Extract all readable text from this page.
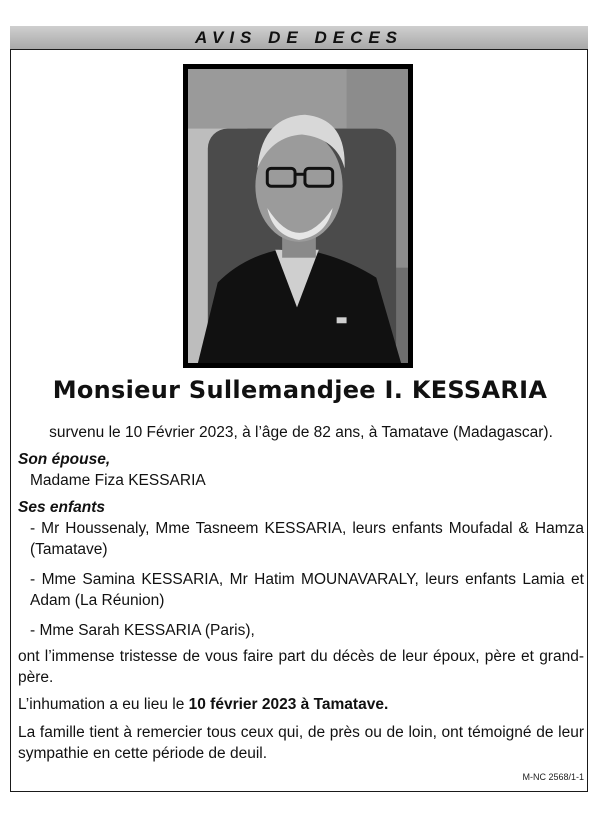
AVIS DE DECES
Monsieur Sullemandjee I. KESSARIA
survenu le 10 Février 2023, à l’âge de 82 ans, à Tamatave (Madagascar).
Son épouse,
Madame Fiza KESSARIA
Ses enfants
- Mr Houssenaly, Mme Tasneem KESSARIA, leurs enfants Moufadal & Hamza (Tamatave)
- Mme Samina KESSARIA, Mr Hatim MOUNAVARALY, leurs enfants Lamia et Adam (La Réunion)
- Mme Sarah KESSARIA (Paris),
ont l’immense tristesse de vous faire part du décès de leur époux, père et grand-père.
L’inhumation a eu lieu le 10 février 2023 à Tamatave.
La famille tient à remercier tous ceux qui, de près ou de loin, ont témoigné de leur sympathie en cette période de deuil.
M-NC 2568/1-1
